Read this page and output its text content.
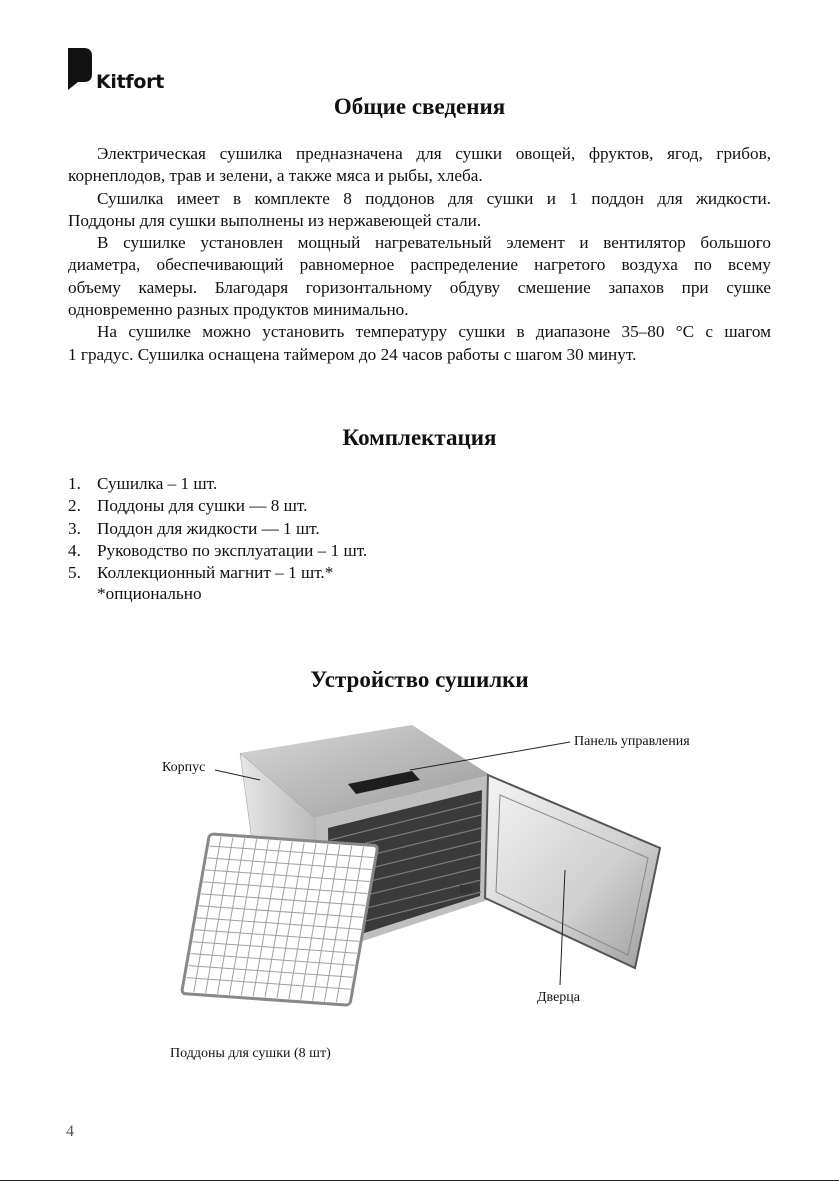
Kitfort
Общие сведения

Электрическая сушилка предназначена для сушки овощей, фруктов, ягод, грибов,

корнеплодов, трав и зелени, а также мяса и рыбы, хлеба.

Сушилка имеет в комплекте 8 поддонов для сушки и 1 поддон для жидкости.

Поддоны для сушки выполнены из нержавеющей стали.

В сушилке установлен мощный нагревательный элемент и вентилятор большого

диаметра, обеспечивающий равномерное распределение нагретого воздуха по всему

объему камеры. Благодаря горизонтальному обдуву смешение запахов при сушке

одновременно разных продуктов минимально.

На сушилке можно установить температуру сушки в диапазоне 35–80 °С с шагом

1 градус. Сушилка оснащена таймером до 24 часов работы с шагом 30 минут.

Комплектация
1. Сушилка – 1 шт.
2. Поддоны для сушки — 8 шт.
3. Поддон для жидкости — 1 шт.
4. Руководство по эксплуатации – 1 шт.
5. Коллекционный магнит – 1 шт.*
*опционально
Устройство сушилки
Корпус
Панель управления
Дверца
Поддоны для сушки (8 шт)
4
